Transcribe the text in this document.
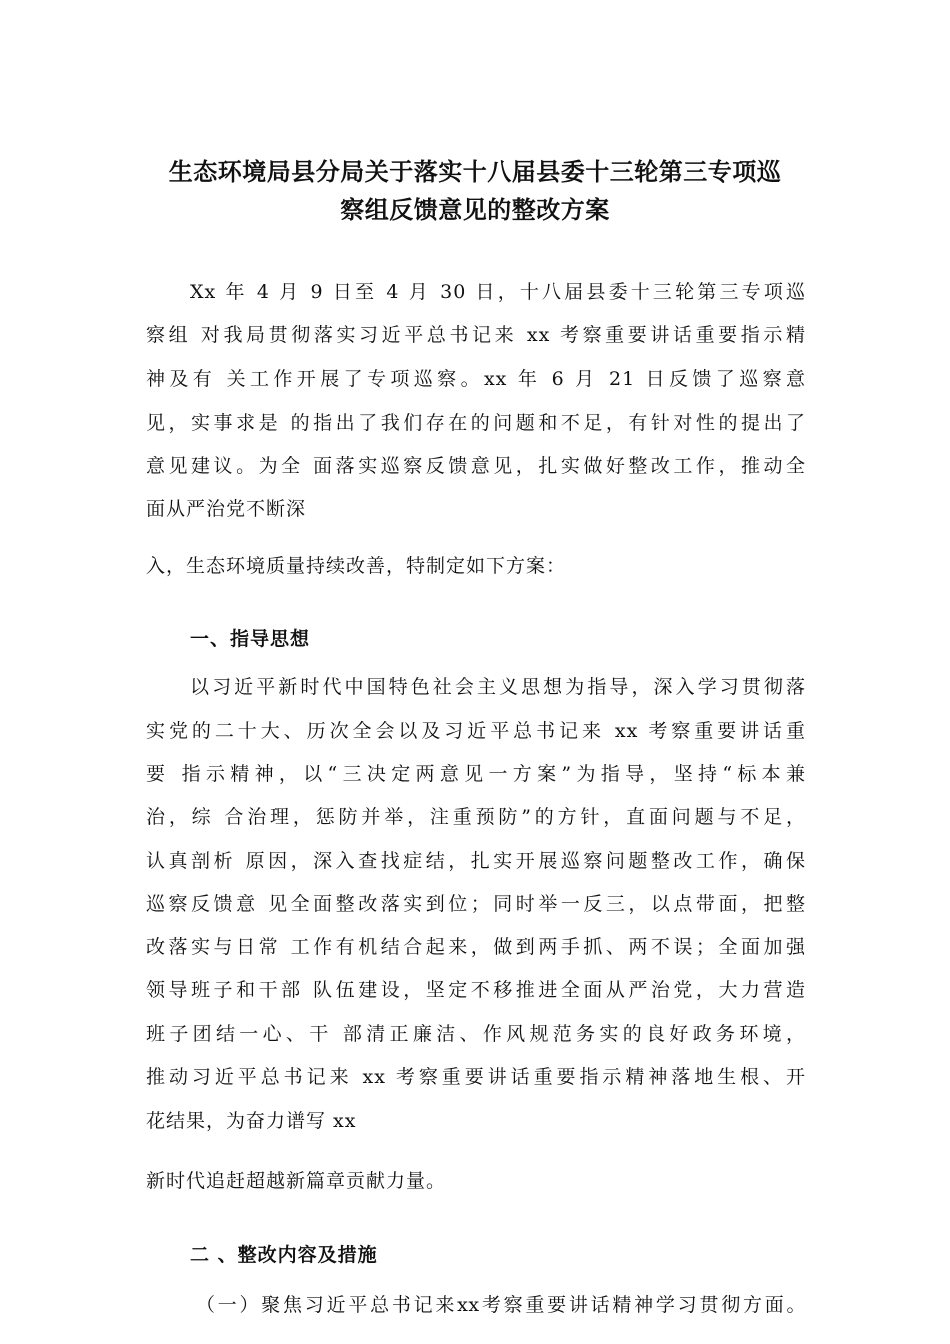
生态环境局县分局关于落实十八届县委十三轮第三专项巡
察组反馈意见的整改方案
Xx 年 4 月 9 日至 4 月 30 日，十八届县委十三轮第三专项巡
察组 对我局贯彻落实习近平总书记来 xx 考察重要讲话重要指示精
神及有 关工作开展了专项巡察。xx 年 6 月 21 日反馈了巡察意
见，实事求是 的指出了我们存在的问题和不足，有针对性的提出了
意见建议。为全 面落实巡察反馈意见，扎实做好整改工作，推动全
面从严治党不断深
入，生态环境质量持续改善，特制定如下方案：
一、指导思想
以习近平新时代中国特色社会主义思想为指导，深入学习贯彻落
实党的二十大、历次全会以及习近平总书记来 xx 考察重要讲话重
要 指示精神，以“三决定两意见一方案”为指导，坚持“标本兼
治，综 合治理，惩防并举，注重预防”的方针，直面问题与不足，
认真剖析 原因，深入查找症结，扎实开展巡察问题整改工作，确保
巡察反馈意 见全面整改落实到位；同时举一反三，以点带面，把整
改落实与日常 工作有机结合起来，做到两手抓、两不误；全面加强
领导班子和干部 队伍建设，坚定不移推进全面从严治党，大力营造
班子团结一心、干 部清正廉洁、作风规范务实的良好政务环境，
推动习近平总书记来 xx 考察重要讲话重要指示精神落地生根、开
花结果，为奋力谱写 xx
新时代追赶超越新篇章贡献力量。
二 、整改内容及措施
（一）聚焦习近平总书记来xx考察重要讲话精神学习贯彻方面。
